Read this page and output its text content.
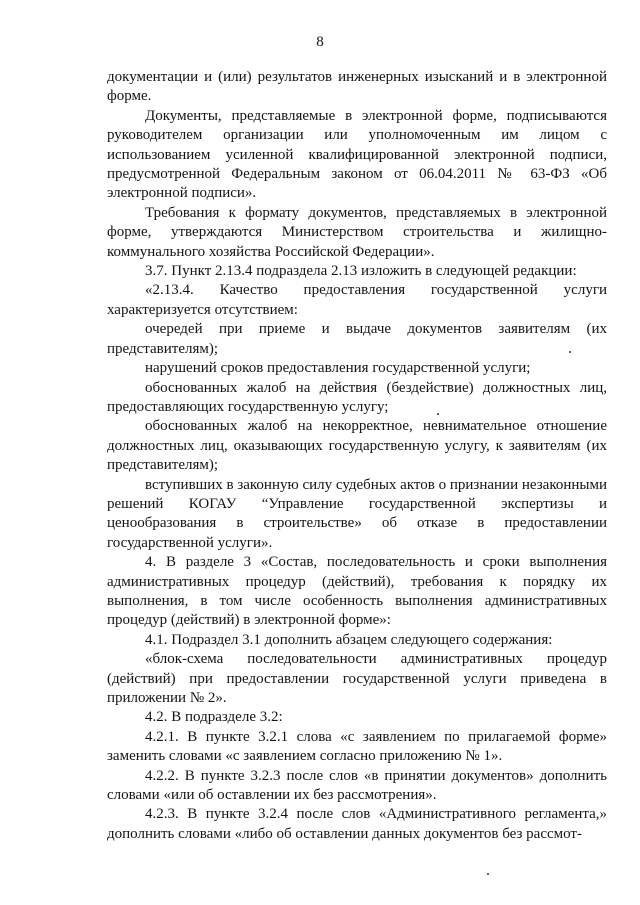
8

документации и (или) результатов инженерных изысканий и в электронной форме.

Документы, представляемые в электронной форме, подписываются руководителем организации или уполномоченным им лицом с использованием усиленной квалифицированной электронной подписи, предусмотренной Федеральным законом от 06.04.2011 № 63-ФЗ «Об электронной подписи».

Требования к формату документов, представляемых в электронной форме, утверждаются Министерством строительства и жилищно-коммунального хозяйства Российской Федерации».

3.7. Пункт 2.13.4 подраздела 2.13 изложить в следующей редакции:

«2.13.4. Качество предоставления государственной услуги характеризуется отсутствием:

очередей при приеме и выдаче документов заявителям (их представителям);

нарушений сроков предоставления государственной услуги;

обоснованных жалоб на действия (бездействие) должностных лиц, предоставляющих государственную услугу;

обоснованных жалоб на некорректное, невнимательное отношение должностных лиц, оказывающих государственную услугу, к заявителям (их представителям);

вступивших в законную силу судебных актов о признании незаконными решений КОГАУ “Управление государственной экспертизы и ценообразования в строительстве» об отказе в предоставлении государственной услуги».

4. В разделе 3 «Состав, последовательность и сроки выполнения административных процедур (действий), требования к порядку их выполнения, в том числе особенность выполнения административных процедур (действий) в электронной форме»:

4.1. Подраздел 3.1 дополнить абзацем следующего содержания:

«блок-схема последовательности административных процедур (действий) при предоставлении государственной услуги приведена в приложении № 2».

4.2. В подразделе 3.2:

4.2.1. В пункте 3.2.1 слова «с заявлением по прилагаемой форме» заменить словами «с заявлением согласно приложению № 1».

4.2.2. В пункте 3.2.3 после слов «в принятии документов» дополнить словами «или об оставлении их без рассмотрения».

4.2.3. В пункте 3.2.4 после слов «Административного регламента,» дополнить словами «либо об оставлении данных документов без рассмот-
